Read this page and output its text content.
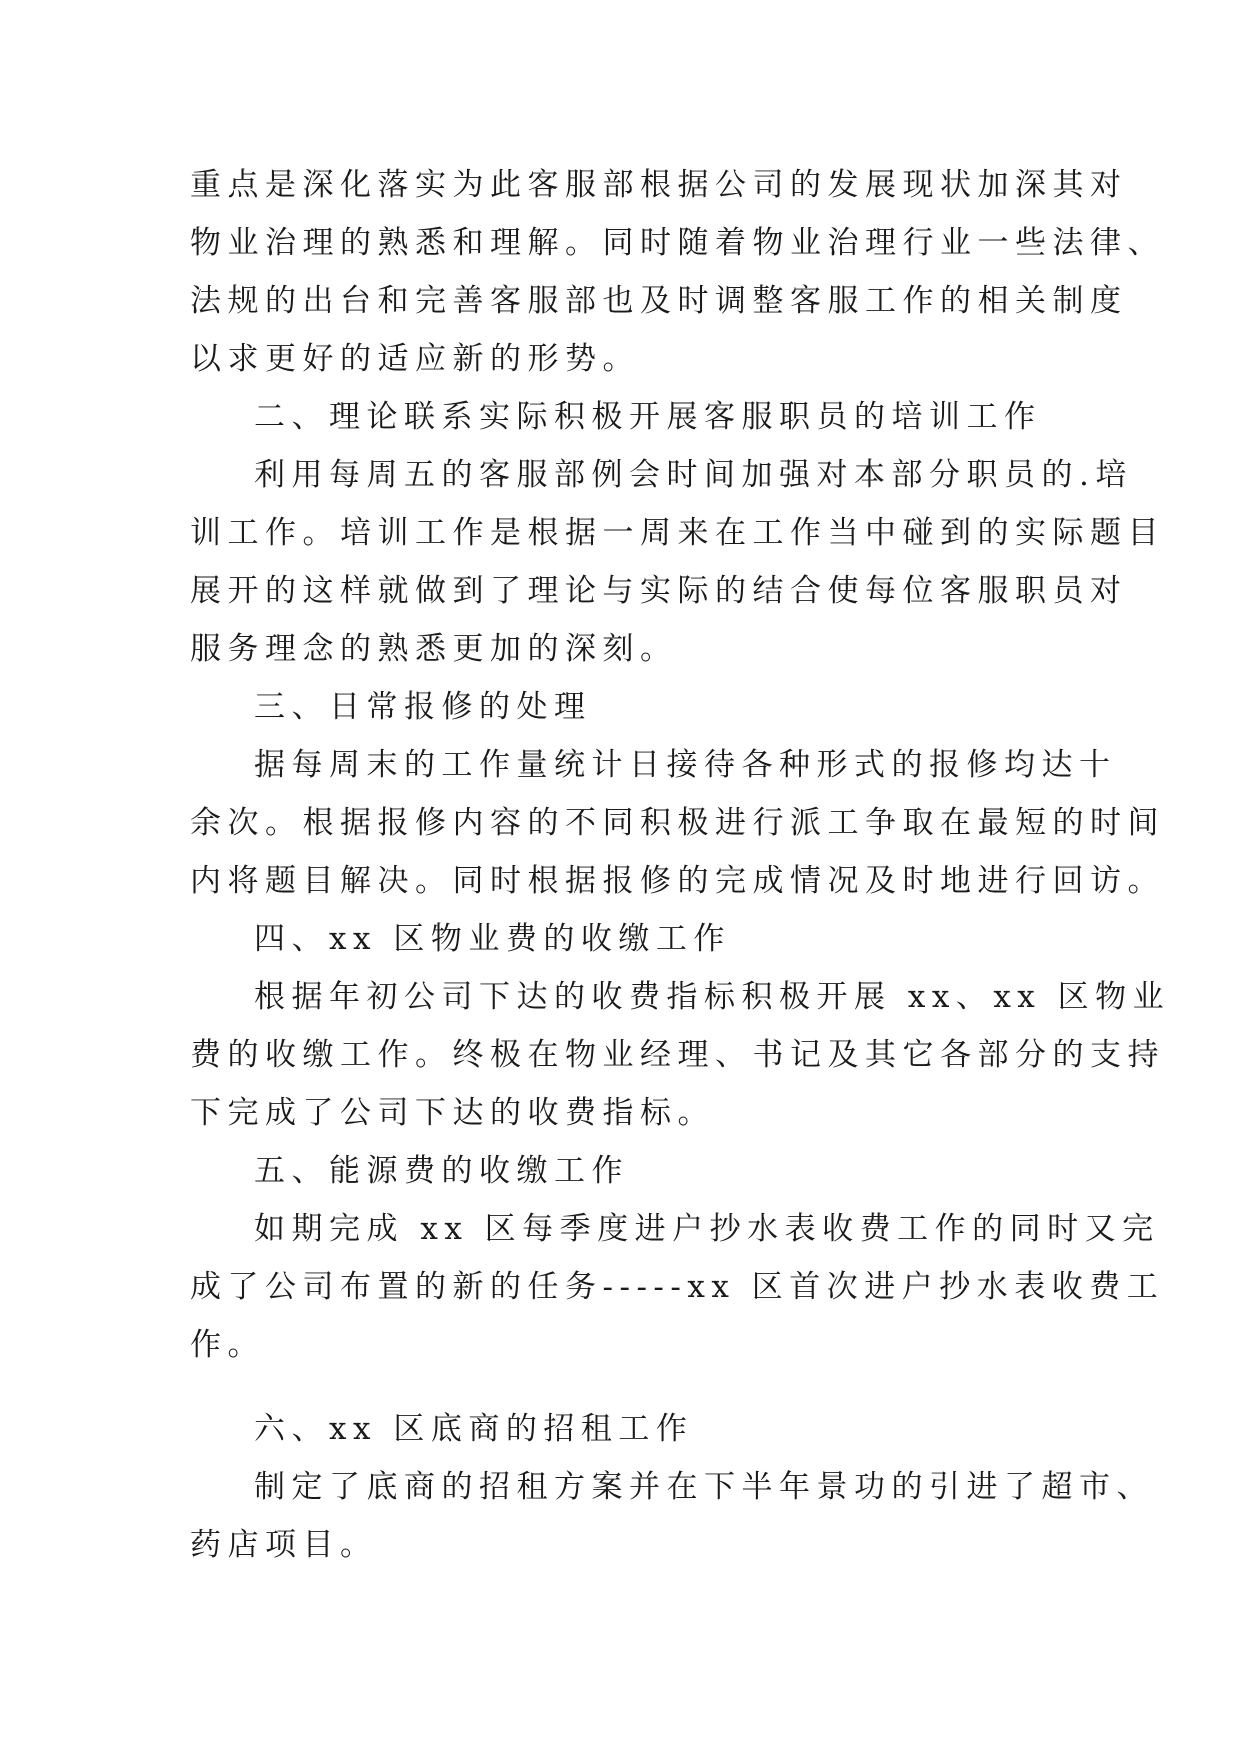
重点是深化落实为此客服部根据公司的发展现状加深其对
物业治理的熟悉和理解。同时随着物业治理行业一些法律、
法规的出台和完善客服部也及时调整客服工作的相关制度
以求更好的适应新的形势。
二、理论联系实际积极开展客服职员的培训工作
利用每周五的客服部例会时间加强对本部分职员的.培
训工作。培训工作是根据一周来在工作当中碰到的实际题目
展开的这样就做到了理论与实际的结合使每位客服职员对
服务理念的熟悉更加的深刻。
三、日常报修的处理
据每周末的工作量统计日接待各种形式的报修均达十
余次。根据报修内容的不同积极进行派工争取在最短的时间
内将题目解决。同时根据报修的完成情况及时地进行回访。
四、xx 区物业费的收缴工作
根据年初公司下达的收费指标积极开展 xx、xx 区物业
费的收缴工作。终极在物业经理、书记及其它各部分的支持
下完成了公司下达的收费指标。
五、能源费的收缴工作
如期完成 xx 区每季度进户抄水表收费工作的同时又完
成了公司布置的新的任务-----xx 区首次进户抄水表收费工
作。
六、xx 区底商的招租工作
制定了底商的招租方案并在下半年景功的引进了超市、
药店项目。
